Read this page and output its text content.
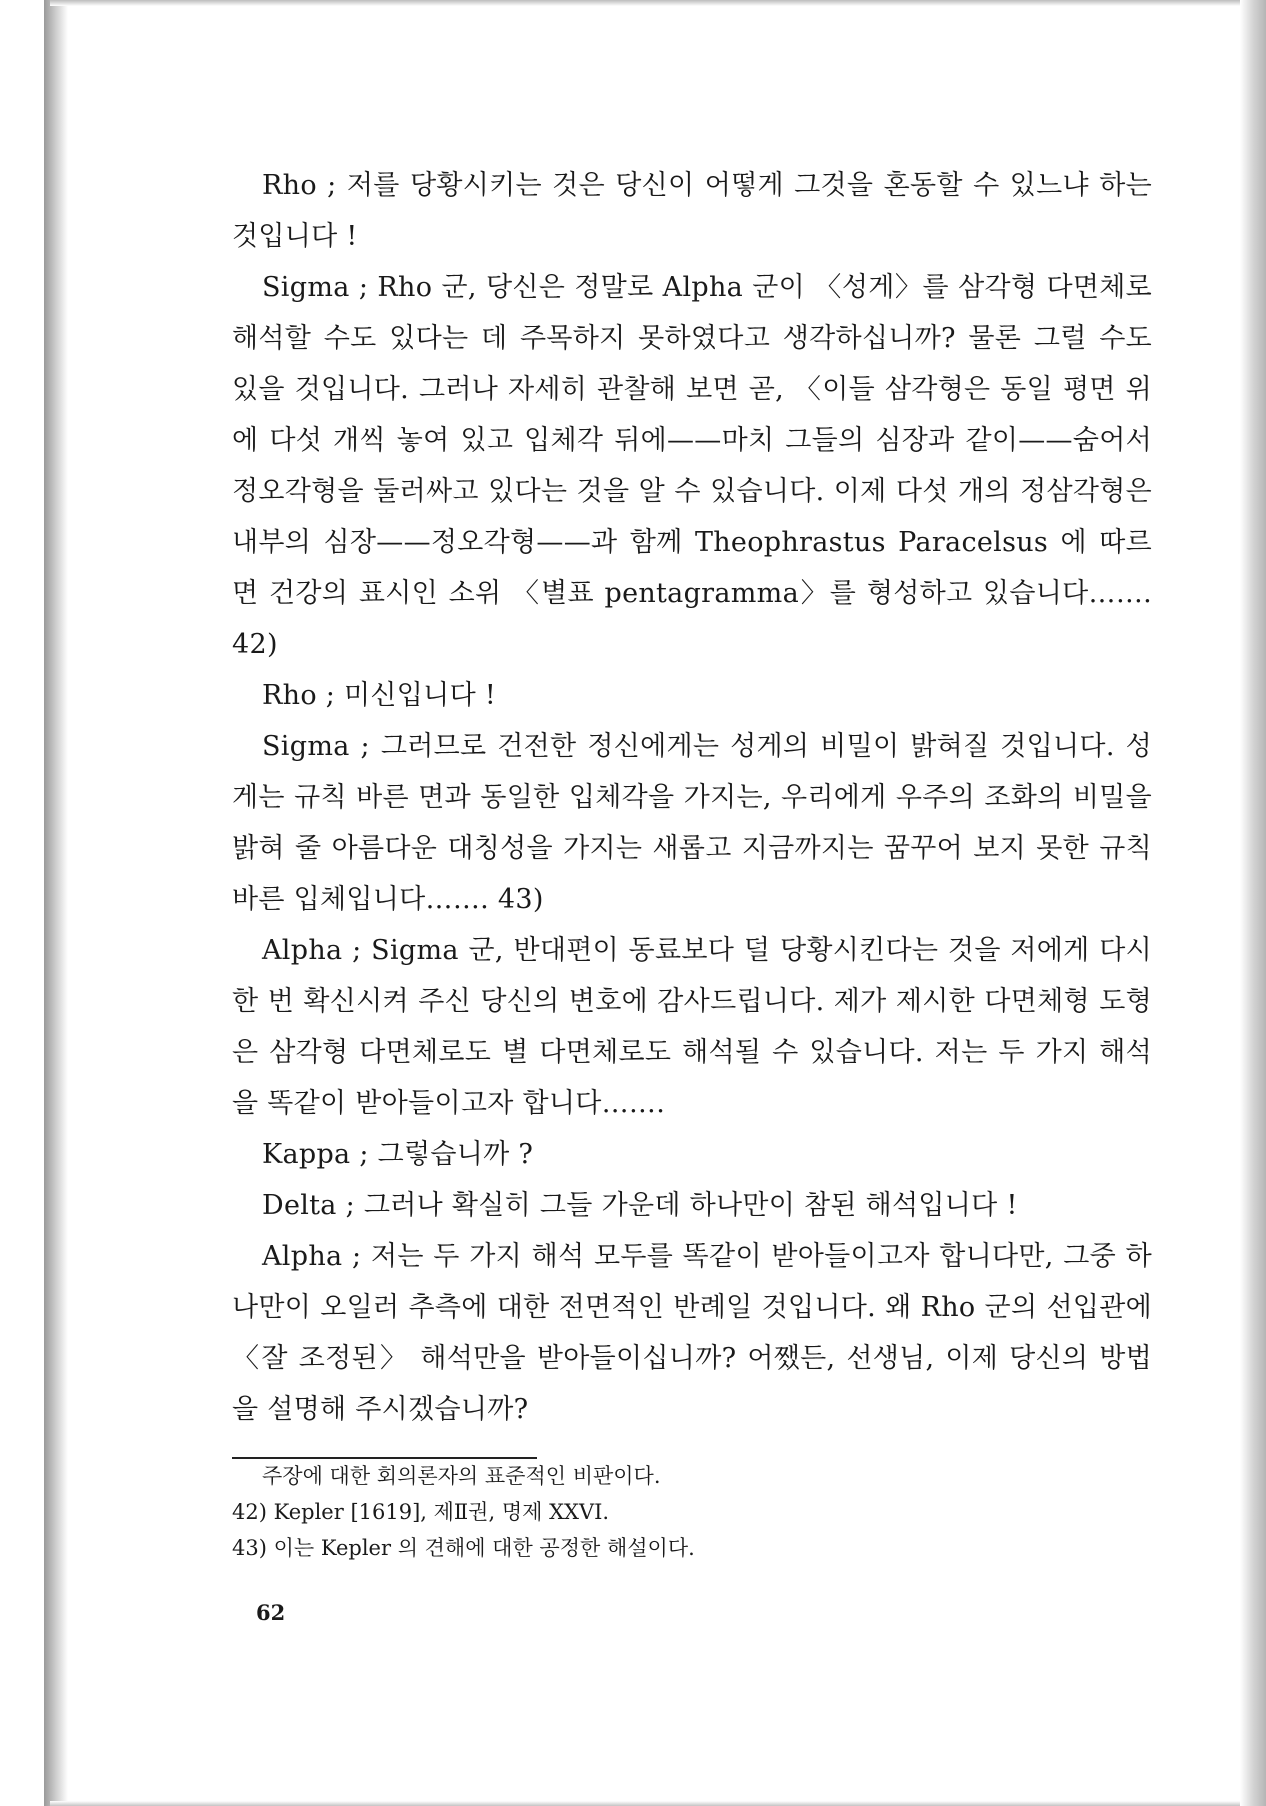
Rho ; 저를 당황시키는 것은 당신이 어떻게 그것을 혼동할 수 있느냐 하는 것입니다 !

Sigma ; Rho 군, 당신은 정말로 Alpha 군이 〈성게〉를 삼각형 다면체로 해석할 수도 있다는 데 주목하지 못하였다고 생각하십니까? 물론 그럴 수도 있을 것입니다. 그러나 자세히 관찰해 보면 곧, 〈이들 삼각형은 동일 평면 위에 다섯 개씩 놓여 있고 입체각 뒤에——마치 그들의 심장과 같이——숨어서 정오각형을 둘러싸고 있다는 것을 알 수 있습니다. 이제 다섯 개의 정삼각형은 내부의 심장——정오각형——과 함께 Theophrastus Paracelsus 에 따르면 건강의 표시인 소위 〈별표 pentagramma〉를 형성하고 있습니다……. 42)

Rho ; 미신입니다 !

Sigma ; 그러므로 건전한 정신에게는 성게의 비밀이 밝혀질 것입니다. 성게는 규칙 바른 면과 동일한 입체각을 가지는, 우리에게 우주의 조화의 비밀을 밝혀 줄 아름다운 대칭성을 가지는 새롭고 지금까지는 꿈꾸어 보지 못한 규칙 바른 입체입니다……. 43)

Alpha ; Sigma 군, 반대편이 동료보다 덜 당황시킨다는 것을 저에게 다시 한 번 확신시켜 주신 당신의 변호에 감사드립니다. 제가 제시한 다면체형 도형은 삼각형 다면체로도 별 다면체로도 해석될 수 있습니다. 저는 두 가지 해석을 똑같이 받아들이고자 합니다…….

Kappa ; 그렇습니까 ?

Delta ; 그러나 확실히 그들 가운데 하나만이 참된 해석입니다 !

Alpha ; 저는 두 가지 해석 모두를 똑같이 받아들이고자 합니다만, 그중 하나만이 오일러 추측에 대한 전면적인 반례일 것입니다. 왜 Rho 군의 선입관에 〈잘 조정된〉 해석만을 받아들이십니까? 어쨌든, 선생님, 이제 당신의 방법을 설명해 주시겠습니까?

주장에 대한 회의론자의 표준적인 비판이다.

42) Kepler [1619], 제Ⅱ권, 명제 XXVI.

43) 이는 Kepler 의 견해에 대한 공정한 해설이다.

62
